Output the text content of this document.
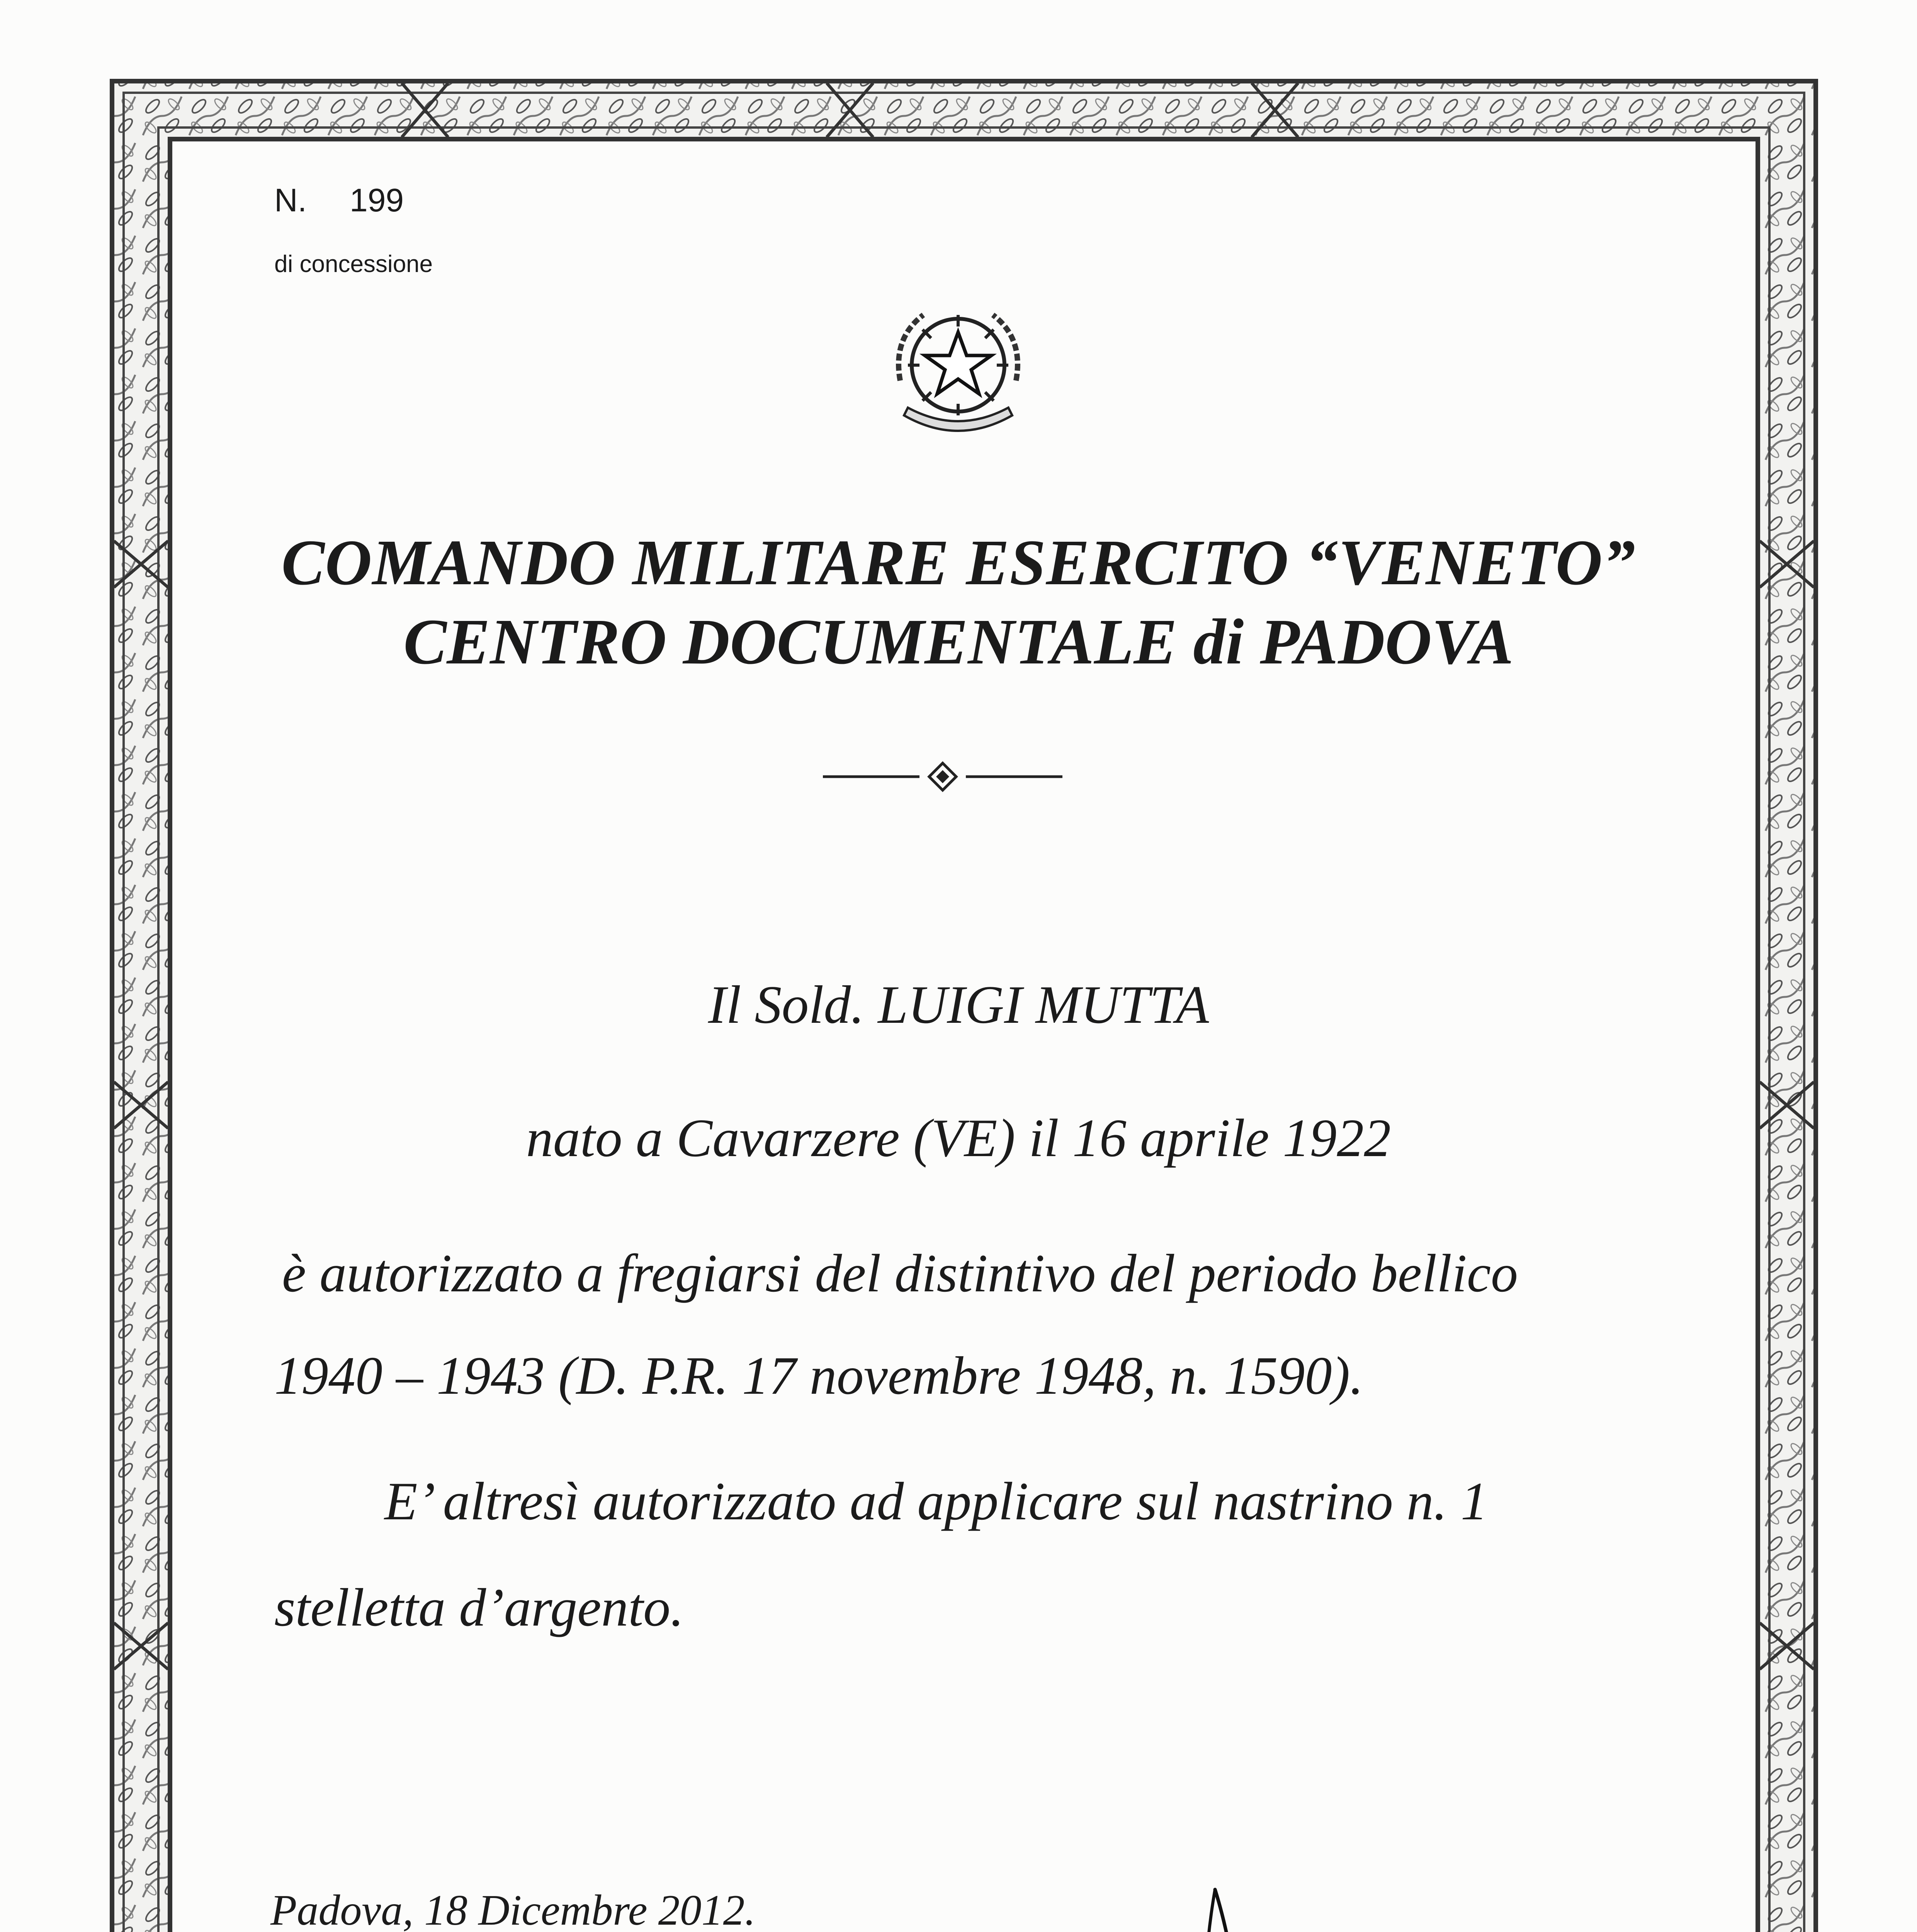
N. 199

di concessione

COMANDO MILITARE ESERCITO “VENETO”

CENTRO DOCUMENTALE di PADOVA

Il Sold. LUIGI MUTTA

nato a Cavarzere (VE) il 16 aprile 1922

è autorizzato a fregiarsi del distintivo del periodo bellico

1940 – 1943 (D. P.R. 17 novembre 1948, n. 1590).

E’ altresì autorizzato ad applicare sul nastrino n. 1

stelletta d’argento.

Padova, 18 Dicembre 2012.
